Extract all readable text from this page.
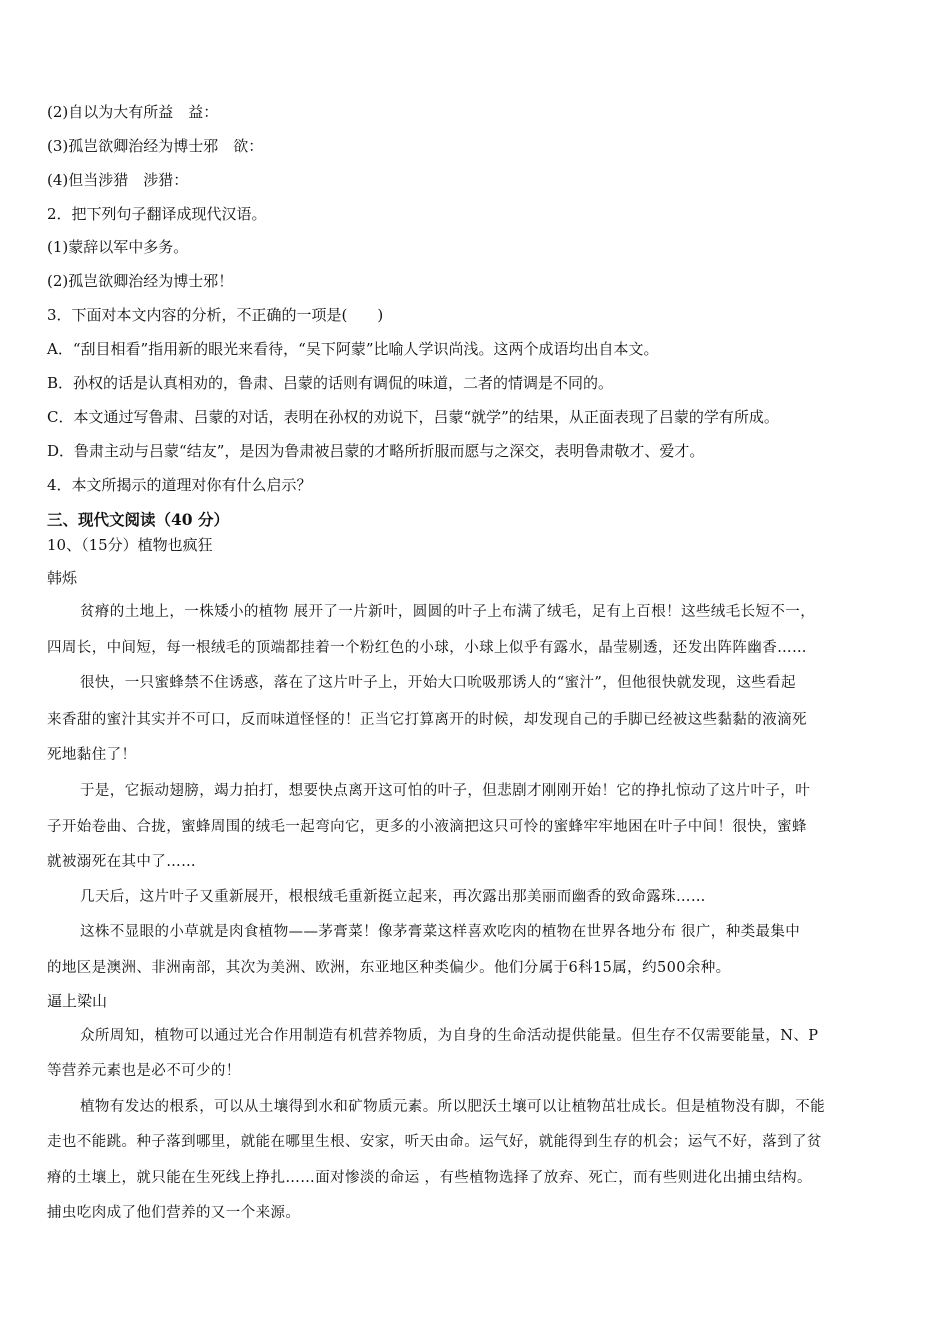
(2)自以为大有所益　益：
(3)孤岂欲卿治经为博士邪　欲：
(4)但当涉猎　涉猎：
2．把下列句子翻译成现代汉语。
(1)蒙辞以军中多务。
(2)孤岂欲卿治经为博士邪！
3．下面对本文内容的分析，不正确的一项是(　　)
A．“刮目相看”指用新的眼光来看待，“吴下阿蒙”比喻人学识尚浅。这两个成语均出自本文。
B．孙权的话是认真相劝的，鲁肃、吕蒙的话则有调侃的味道，二者的情调是不同的。
C．本文通过写鲁肃、吕蒙的对话，表明在孙权的劝说下，吕蒙“就学”的结果，从正面表现了吕蒙的学有所成。
D．鲁肃主动与吕蒙“结友”，是因为鲁肃被吕蒙的才略所折服而愿与之深交，表明鲁肃敬才、爱才。
4．本文所揭示的道理对你有什么启示？
三、现代文阅读（40 分）
10、（15分）植物也疯狂
韩烁
贫瘠的土地上，一株矮小的植物 展开了一片新叶，圆圆的叶子上布满了绒毛，足有上百根！这些绒毛长短不一，
四周长，中间短，每一根绒毛的顶端都挂着一个粉红色的小球，小球上似乎有露水，晶莹剔透，还发出阵阵幽香……
很快，一只蜜蜂禁不住诱惑，落在了这片叶子上，开始大口吮吸那诱人的“蜜汁”，但他很快就发现，这些看起
来香甜的蜜汁其实并不可口，反而味道怪怪的！正当它打算离开的时候，却发现自己的手脚已经被这些黏黏的液滴死
死地黏住了！
于是，它振动翅膀，竭力拍打，想要快点离开这可怕的叶子，但悲剧才刚刚开始！它的挣扎惊动了这片叶子，叶
子开始卷曲、合拢，蜜蜂周围的绒毛一起弯向它，更多的小液滴把这只可怜的蜜蜂牢牢地困在叶子中间！很快，蜜蜂
就被溺死在其中了……
几天后，这片叶子又重新展开，根根绒毛重新挺立起来，再次露出那美丽而幽香的致命露珠……
这株不显眼的小草就是肉食植物——茅膏菜！像茅膏菜这样喜欢吃肉的植物在世界各地分布 很广，种类最集中
的地区是澳洲、非洲南部，其次为美洲、欧洲，东亚地区种类偏少。他们分属于6科15属，约500余种。
逼上梁山
众所周知，植物可以通过光合作用制造有机营养物质，为自身的生命活动提供能量。但生存不仅需要能量，N、P
等营养元素也是必不可少的！
植物有发达的根系，可以从土壤得到水和矿物质元素。所以肥沃土壤可以让植物茁壮成长。但是植物没有脚，不能
走也不能跳。种子落到哪里，就能在哪里生根、安家，听天由命。运气好，就能得到生存的机会；运气不好，落到了贫
瘠的土壤上，就只能在生死线上挣扎……面对惨淡的命运 ，有些植物选择了放弃、死亡，而有些则进化出捕虫结构。
捕虫吃肉成了他们营养的又一个来源。
